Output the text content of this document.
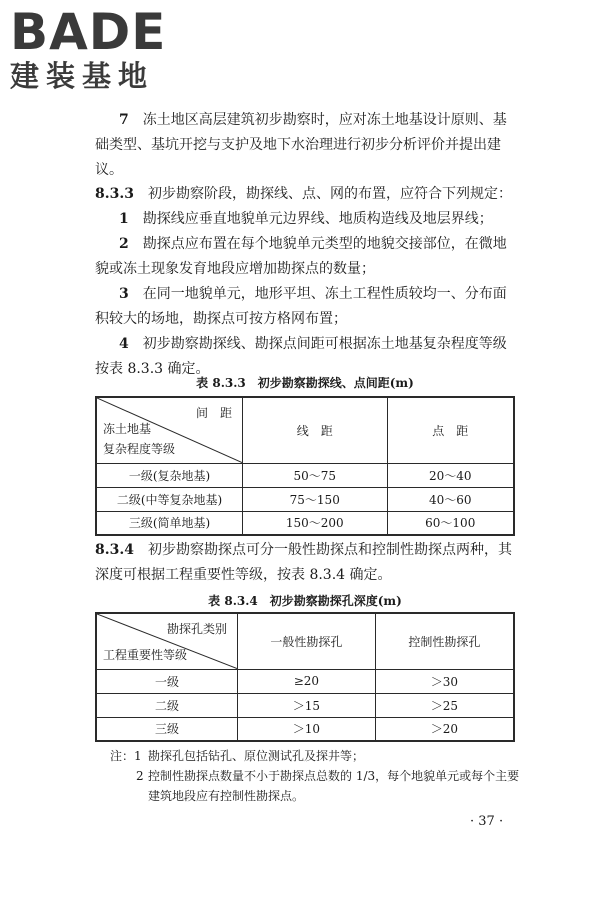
BADE
建装基地
7　 冻土地区高层建筑初步勘察时，应对冻土地基设计原则、基础类型、基坑开挖与支护及地下水治理进行初步分析评价并提出建议。
8.3.3　 初步勘察阶段，勘探线、点、网的布置，应符合下列规定：
1　 勘探线应垂直地貌单元边界线、地质构造线及地层界线；
2　 勘探点应布置在每个地貌单元类型的地貌交接部位，在微地貌或冻土现象发育地段应增加勘探点的数量；
3　 在同一地貌单元，地形平坦、冻土工程性质较均一、分布面积较大的场地，勘探点可按方格网布置；
4　 初步勘察勘探线、勘探点间距可根据冻土地基复杂程度等级按表 8.3.3 确定。
表 8.3.3　初步勘察勘探线、点间距(m)
间　距
冻土地基
复杂程度等级	线　距	点　距
一级(复杂地基)	50～75	20～40
二级(中等复杂地基)	75～150	40～60
三级(简单地基)	150～200	60～100
8.3.4　 初步勘察勘探点可分一般性勘探点和控制性勘探点两种，其深度可根据工程重要性等级，按表 8.3.4 确定。
表 8.3.4　初步勘察勘探孔深度(m)
勘探孔类别
工程重要性等级	一般性勘探孔	控制性勘探孔
一级	≥20	＞30
二级	＞15	＞25
三级	＞10	＞20
注：1 勘探孔包括钻孔、原位测试孔及探井等；
2 控制性勘探点数量不小于勘探点总数的 1/3，每个地貌单元或每个主要建筑地段应有控制性勘探点。
· 37 ·
